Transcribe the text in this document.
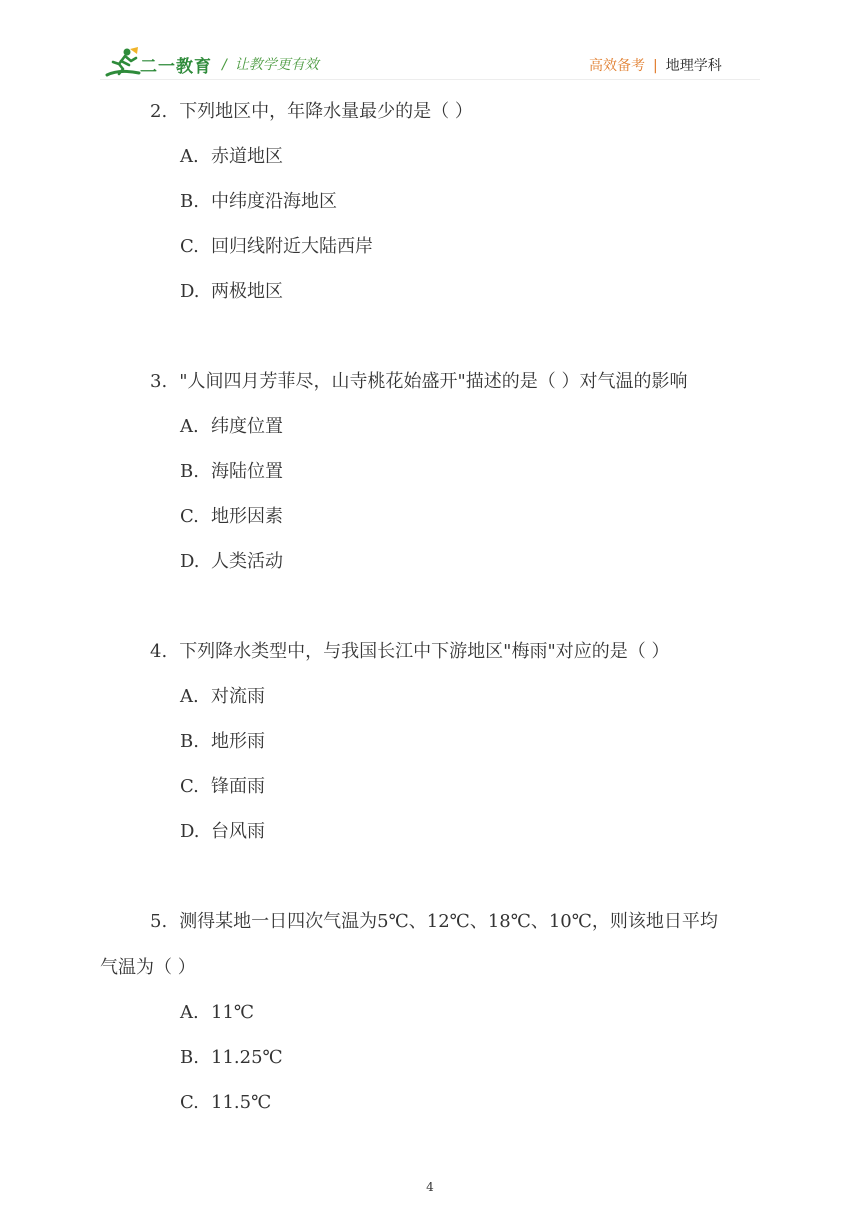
二一教育 / 让教学更有效	高效备考 | 地理学科
2. 下列地区中，年降水量最少的是（ ）
A. 赤道地区
B. 中纬度沿海地区
C. 回归线附近大陆西岸
D. 两极地区
3. "人间四月芳菲尽，山寺桃花始盛开"描述的是（ ）对气温的影响
A. 纬度位置
B. 海陆位置
C. 地形因素
D. 人类活动
4. 下列降水类型中，与我国长江中下游地区"梅雨"对应的是（ ）
A. 对流雨
B. 地形雨
C. 锋面雨
D. 台风雨
5. 测得某地一日四次气温为5℃、12℃、18℃、10℃，则该地日平均
气温为（ ）
A. 11℃
B. 11.25℃
C. 11.5℃
4
